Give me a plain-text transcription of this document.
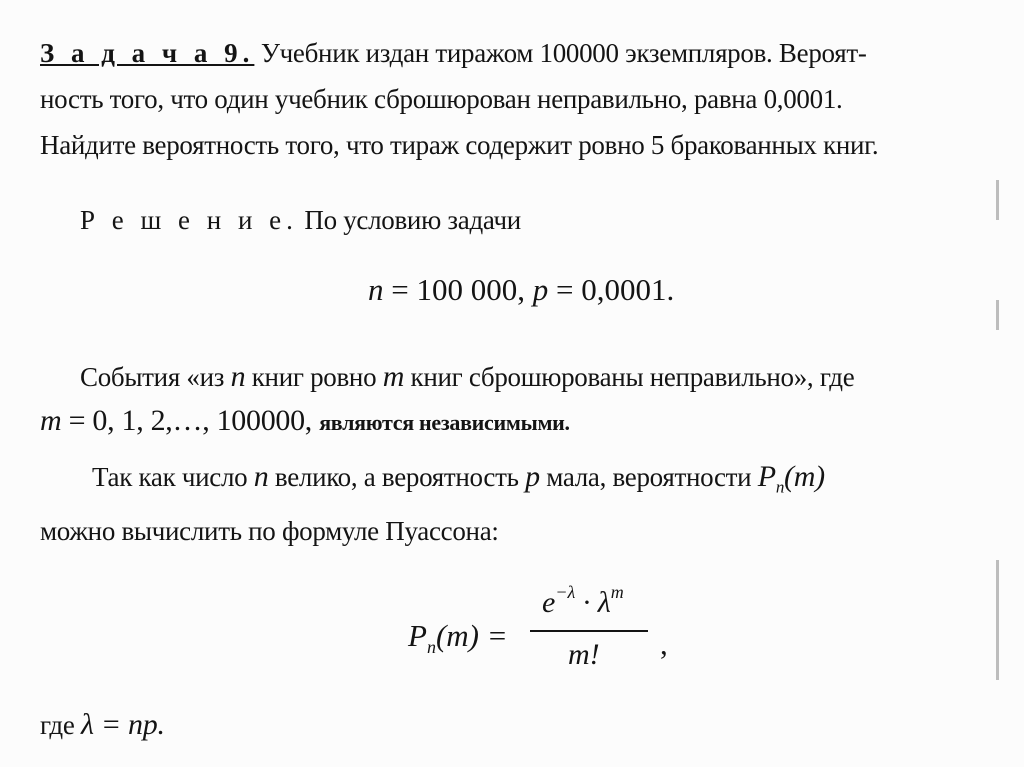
З а д а ч а 9. Учебник издан тиражом 100000 экземпляров. Вероят-
ность того, что один учебник сброшюрован неправильно, равна 0,0001.
Найдите вероятность того, что тираж содержит ровно 5 бракованных книг.
Р е ш е н и е. По условию задачи
n = 100 000, p = 0,0001.
События «из n книг ровно m книг сброшюрованы неправильно», где
m = 0, 1, 2,…, 100000, являются независимыми.
Так как число n велико, а вероятность p мала, вероятности $P_n(m)$
можно вычислить по формуле Пуассона:
$P_n(m)$ =
$e^{-\lambda} \cdot \lambda^m$
m! ,
где λ = np.
